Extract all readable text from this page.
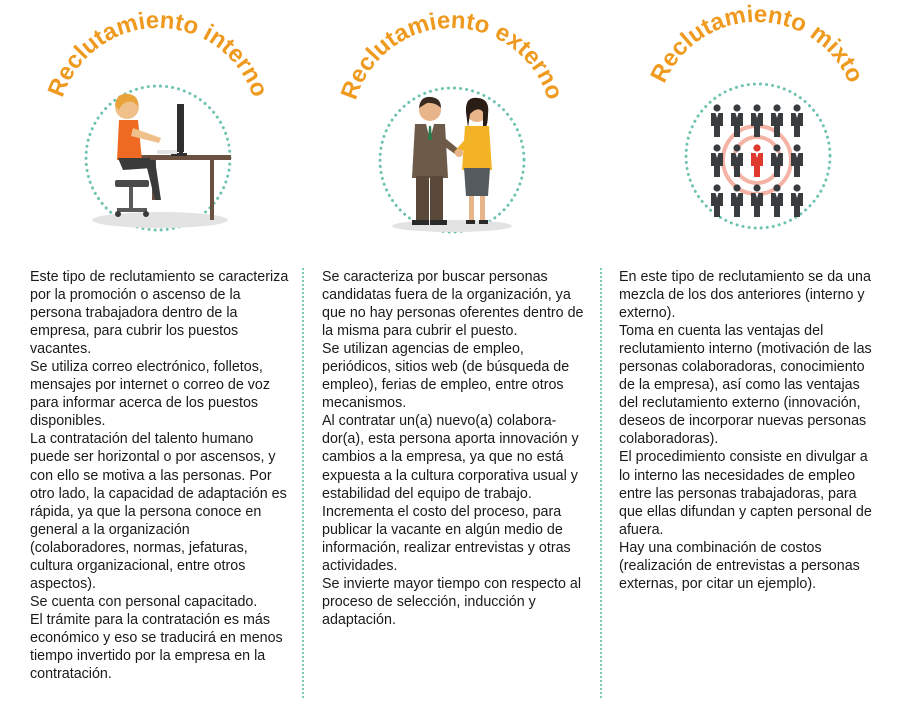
Reclutamiento interno	Reclutamiento externo
Reclutamiento mixto

Este tipo de reclutamiento se caracteriza por la promoción o ascenso de la persona trabajadora dentro de la empresa, para cubrir los puestos vacantes.

Se utiliza correo electrónico, folletos, mensajes por internet o correo de voz para informar acerca de los puestos disponibles.

La contratación del talento humano puede ser horizontal o por ascensos, y con ello se motiva a las personas. Por otro lado, la capacidad de adaptación es rápida, ya que la persona conoce en general a la organización (colaboradores, normas, jefaturas, cultura organizacional, entre otros aspectos).

Se cuenta con personal capacitado.

El trámite para la contratación es más económico y eso se traducirá en menos tiempo invertido por la empresa en la contratación.

Se caracteriza por buscar personas candidatas fuera de la organización, ya que no hay personas oferentes dentro de la misma para cubrir el puesto.

Se utilizan agencias de empleo, periódicos, sitios web (de búsqueda de empleo), ferias de empleo, entre otros mecanismos.

Al contratar un(a) nuevo(a) colabora-dor(a), esta persona aporta innovación y cambios a la empresa, ya que no está expuesta a la cultura corporativa usual y estabilidad del equipo de trabajo.

Incrementa el costo del proceso, para publicar la vacante en algún medio de información, realizar entrevistas y otras actividades.

Se invierte mayor tiempo con respecto al proceso de selección, inducción y adaptación.

En este tipo de reclutamiento se da una mezcla de los dos anteriores (interno y externo).

Toma en cuenta las ventajas del reclutamiento interno (motivación de las personas colaboradoras, conocimiento de la empresa), así como las ventajas del reclutamiento externo (innovación, deseos de incorporar nuevas personas colaboradoras).

El procedimiento consiste en divulgar a lo interno las necesidades de empleo entre las personas trabajadoras, para que ellas difundan y capten personal de afuera.

Hay una combinación de costos (realización de entrevistas a personas externas, por citar un ejemplo).
